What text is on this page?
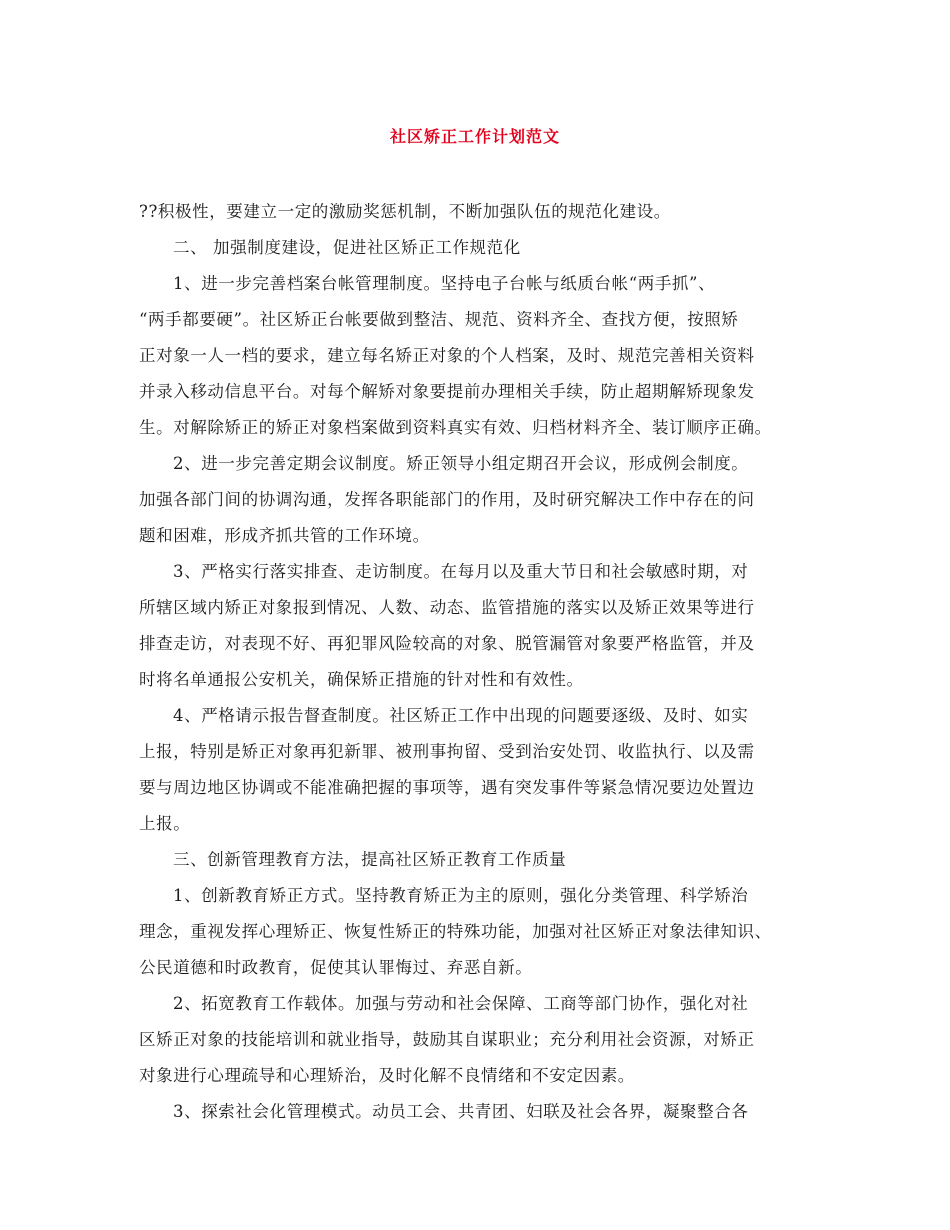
社区矫正工作计划范文
??积极性，要建立一定的激励奖惩机制，不断加强队伍的规范化建设。
二、 加强制度建设，促进社区矫正工作规范化
1、进一步完善档案台帐管理制度。坚持电子台帐与纸质台帐“两手抓”、
“两手都要硬”。社区矫正台帐要做到整洁、规范、资料齐全、查找方便，按照矫
正对象一人一档的要求，建立每名矫正对象的个人档案，及时、规范完善相关资料
并录入移动信息平台。对每个解矫对象要提前办理相关手续，防止超期解矫现象发
生。对解除矫正的矫正对象档案做到资料真实有效、归档材料齐全、装订顺序正确。
2、进一步完善定期会议制度。矫正领导小组定期召开会议，形成例会制度。
加强各部门间的协调沟通，发挥各职能部门的作用，及时研究解决工作中存在的问
题和困难，形成齐抓共管的工作环境。
3、严格实行落实排查、走访制度。在每月以及重大节日和社会敏感时期，对
所辖区域内矫正对象报到情况、人数、动态、监管措施的落实以及矫正效果等进行
排查走访，对表现不好、再犯罪风险较高的对象、脱管漏管对象要严格监管，并及
时将名单通报公安机关，确保矫正措施的针对性和有效性。
4、严格请示报告督查制度。社区矫正工作中出现的问题要逐级、及时、如实
上报，特别是矫正对象再犯新罪、被刑事拘留、受到治安处罚、收监执行、以及需
要与周边地区协调或不能准确把握的事项等，遇有突发事件等紧急情况要边处置边
上报。
三、创新管理教育方法，提高社区矫正教育工作质量
1、创新教育矫正方式。坚持教育矫正为主的原则，强化分类管理、科学矫治
理念，重视发挥心理矫正、恢复性矫正的特殊功能，加强对社区矫正对象法律知识、
公民道德和时政教育，促使其认罪悔过、弃恶自新。
2、拓宽教育工作载体。加强与劳动和社会保障、工商等部门协作，强化对社
区矫正对象的技能培训和就业指导，鼓励其自谋职业；充分利用社会资源，对矫正
对象进行心理疏导和心理矫治，及时化解不良情绪和不安定因素。
3、探索社会化管理模式。动员工会、共青团、妇联及社会各界，凝聚整合各
